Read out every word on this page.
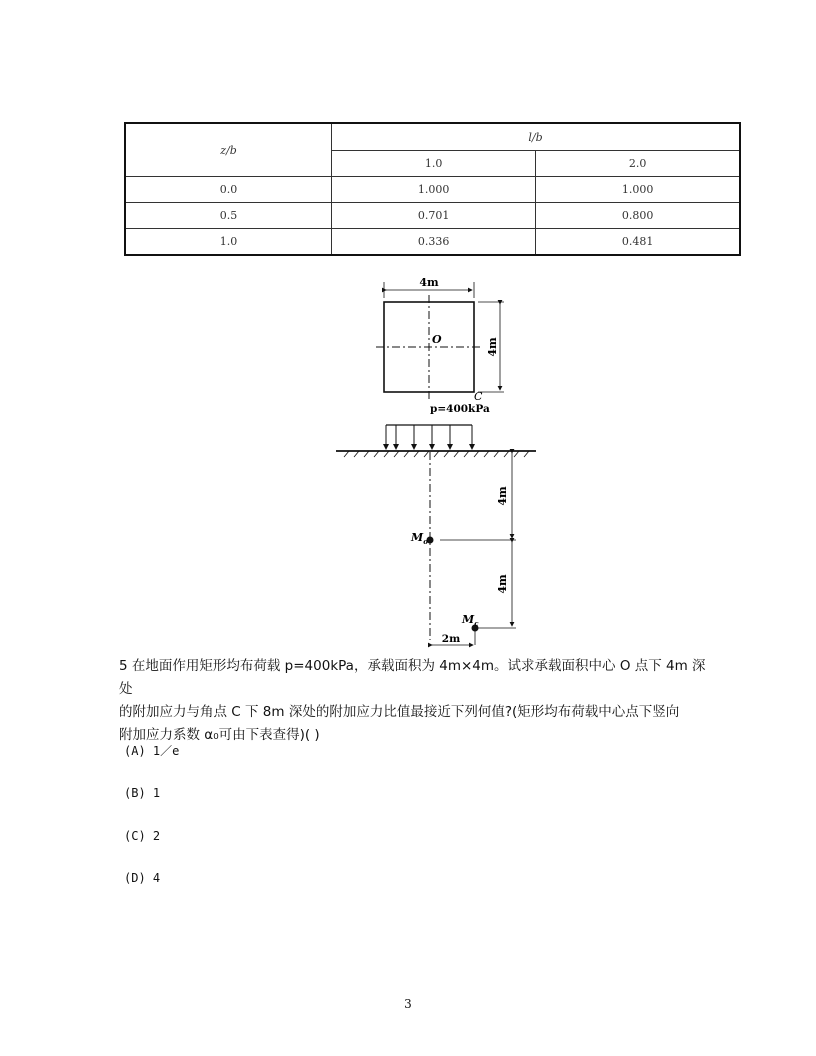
z/b	l/b	
	1.0	2.0
0.0	1.000	1.000
0.5	0.701	0.800
1.0	0.336	0.481
4m
4m
O
C
p=400kPa
4m
4m
$M_o$
$M_c$
2m
5 在地面作用矩形均布荷载 p=400kPa，承载面积为 4m×4m。试求承载面积中心 O 点下 4m 深处
的附加应力与角点 C 下 8m 深处的附加应力比值最接近下列何值?(矩形均布荷载中心点下竖向
附加应力系数 α₀可由下表查得)( )
(A) 1／e
(B) 1
(C) 2
(D) 4
3
